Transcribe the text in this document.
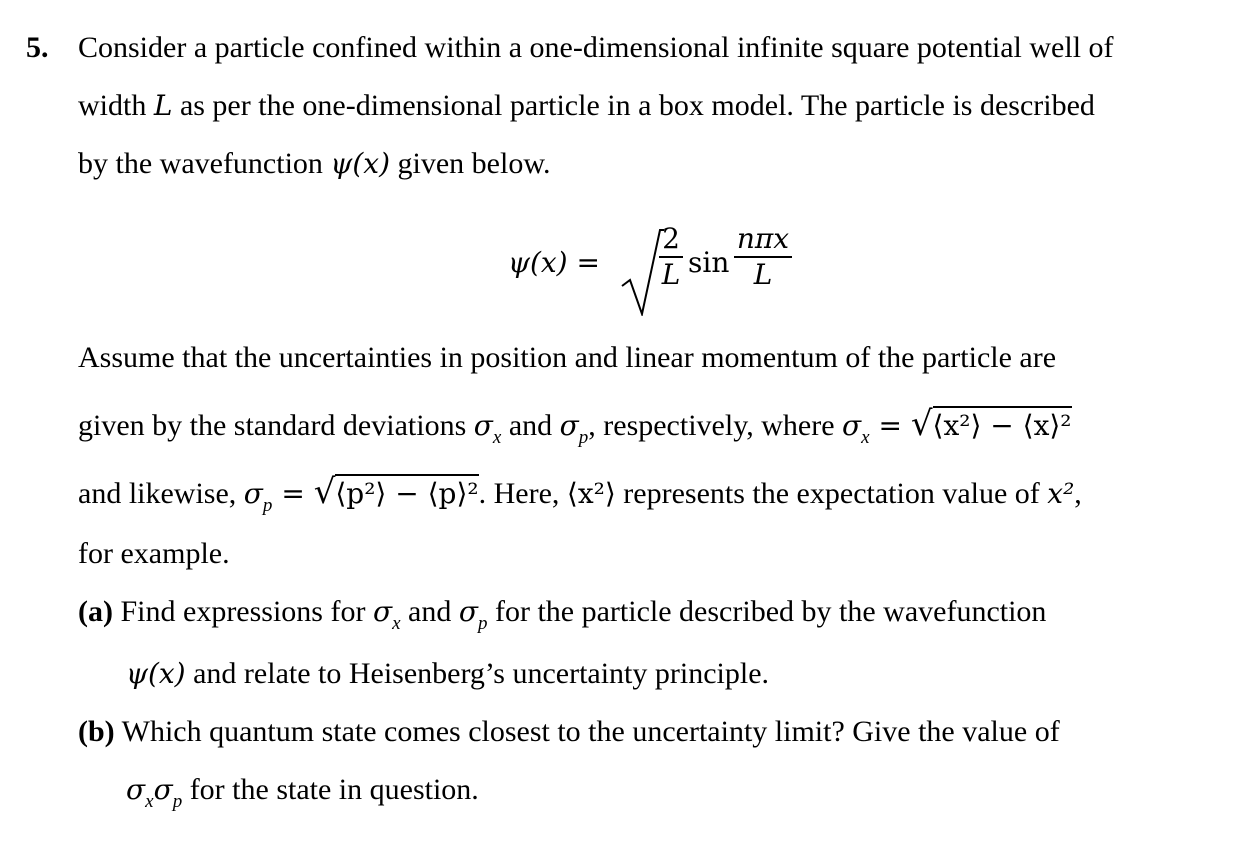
5. Consider a particle confined within a one-dimensional infinite square potential well of
width L as per the one-dimensional particle in a box model. The particle is described
by the wavefunction ψ(x) given below.
ψ(x) =
2
L sin
nπx
L
Assume that the uncertainties in position and linear momentum of the particle are
given by the standard deviations $\sigma_x$ and $\sigma_p$, respectively, where $\sigma_x$ = √⟨x²⟩ − ⟨x⟩²
and likewise, $\sigma_p$ = √⟨p²⟩ − ⟨p⟩². Here, ⟨x²⟩ represents the expectation value of x²,
for example.
(a) Find expressions for $\sigma_x$ and $\sigma_p$ for the particle described by the wavefunction
ψ(x) and relate to Heisenberg’s uncertainty principle.
(b) Which quantum state comes closest to the uncertainty limit? Give the value of
$\sigma_x\sigma_p$ for the state in question.
